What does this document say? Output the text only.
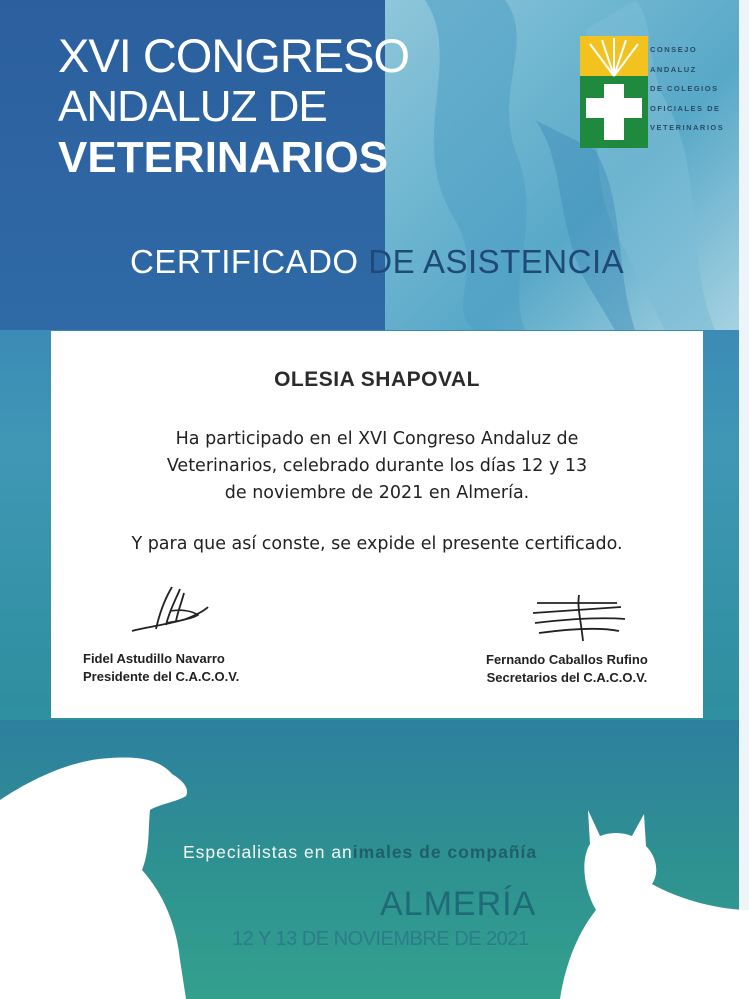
XVI CONGRESO
ANDALUZ DE
VETERINARIOS
CONSEJO
ANDALUZ
DE COLEGIOS
OFICIALES DE
VETERINARIOS
CERTIFICADO DE ASISTENCIA
OLESIA SHAPOVAL
Ha participado en el XVI Congreso Andaluz de
Veterinarios, celebrado durante los días 12 y 13
de noviembre de 2021 en Almería.
Y para que así conste, se expide el presente certificado.
Fidel Astudillo Navarro
Presidente del C.A.C.O.V.
Fernando Caballos Rufino
Secretarios del C.A.C.O.V.
Especialistas en animales de compañía
ALMERÍA
12 Y 13 DE NOVIEMBRE DE 2021
